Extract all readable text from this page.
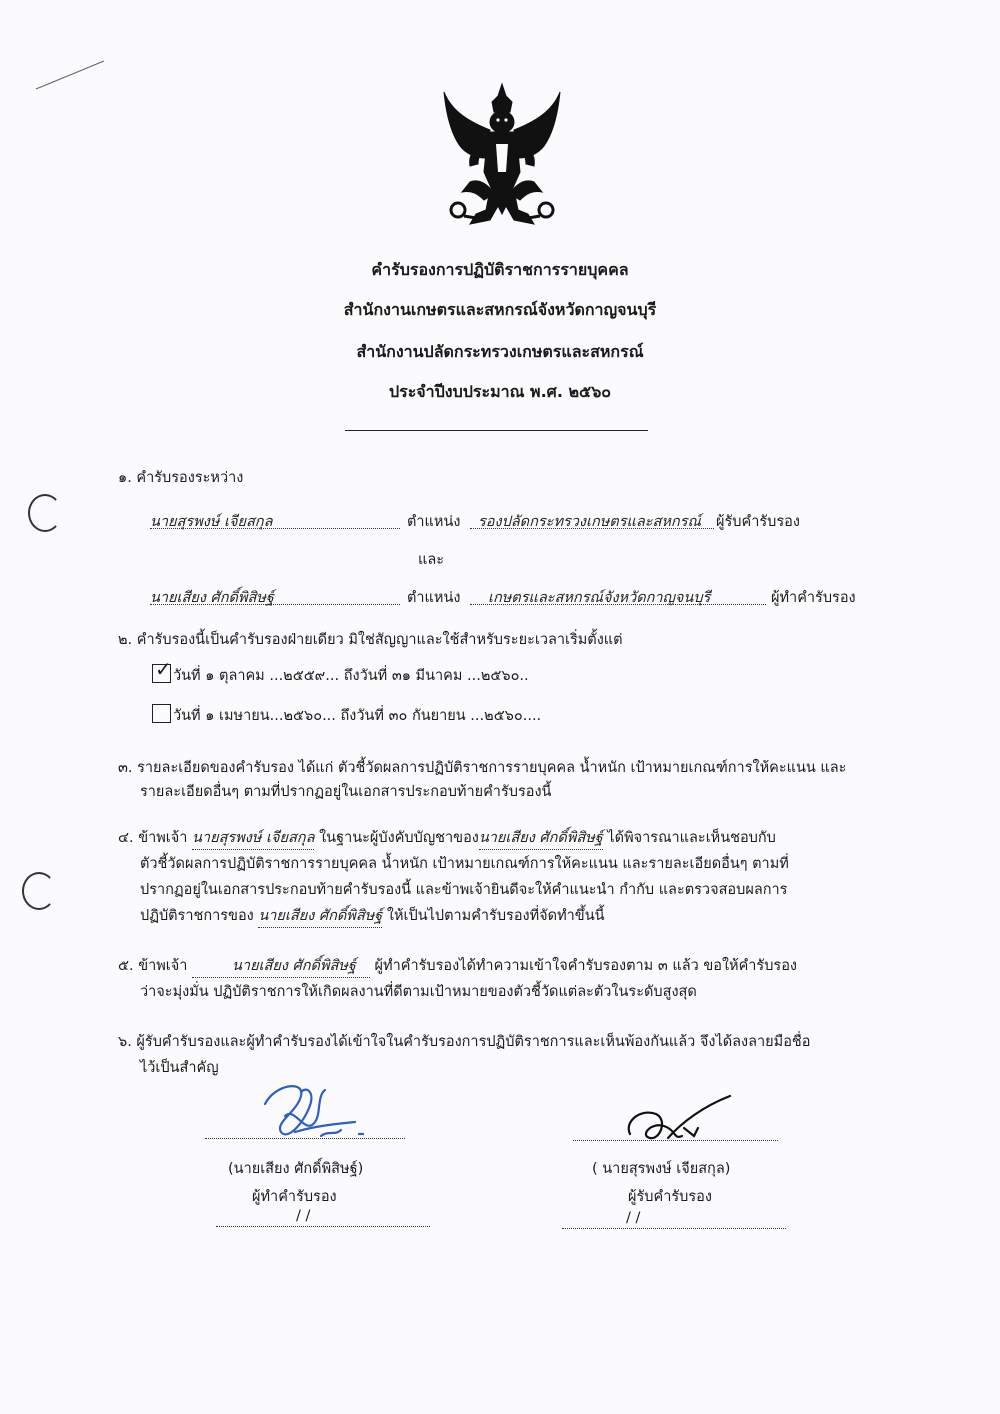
คำรับรองการปฏิบัติราชการรายบุคคล
สำนักงานเกษตรและสหกรณ์จังหวัดกาญจนบุรี
สำนักงานปลัดกระทรวงเกษตรและสหกรณ์
ประจำปีงบประมาณ พ.ศ. ๒๕๖๐
๑. คำรับรองระหว่าง
นายสุรพงษ์ เจียสกุล	ตำแหน่ง รองปลัดกระทรวงเกษตรและสหกรณ์ ผู้รับคำรับรอง
และ
นายเสียง ศักดิ์พิสิษฐ์	ตำแหน่ง เกษตรและสหกรณ์จังหวัดกาญจนบุรี	ผู้ทำคำรับรอง
๒. คำรับรองนี้เป็นคำรับรองฝ่ายเดียว มิใช่สัญญาและใช้สำหรับระยะเวลาเริ่มตั้งแต่
✓ วันที่ ๑ ตุลาคม ...๒๕๕๙... ถึงวันที่ ๓๑ มีนาคม ...๒๕๖๐..
วันที่ ๑ เมษายน...๒๕๖๐... ถึงวันที่ ๓๐ กันยายน ...๒๕๖๐....
๓. รายละเอียดของคำรับรอง ได้แก่ ตัวชี้วัดผลการปฏิบัติราชการรายบุคคล น้ำหนัก เป้าหมายเกณฑ์การให้คะแนน และ
รายละเอียดอื่นๆ ตามที่ปรากฏอยู่ในเอกสารประกอบท้ายคำรับรองนี้
๔. ข้าพเจ้า นายสุรพงษ์ เจียสกุล ในฐานะผู้บังคับบัญชาของนายเสียง ศักดิ์พิสิษฐ์ ได้พิจารณาและเห็นชอบกับ
ตัวชี้วัดผลการปฏิบัติราชการรายบุคคล น้ำหนัก เป้าหมายเกณฑ์การให้คะแนน และรายละเอียดอื่นๆ ตามที่
ปรากฏอยู่ในเอกสารประกอบท้ายคำรับรองนี้ และข้าพเจ้ายินดีจะให้คำแนะนำ กำกับ และตรวจสอบผลการ
ปฏิบัติราชการของ นายเสียง ศักดิ์พิสิษฐ์ ให้เป็นไปตามคำรับรองที่จัดทำขึ้นนี้
๕. ข้าพเจ้า	นายเสียง ศักดิ์พิสิษฐ์ ผู้ทำคำรับรองได้ทำความเข้าใจคำรับรองตาม ๓ แล้ว ขอให้คำรับรอง
ว่าจะมุ่งมั่น ปฏิบัติราชการให้เกิดผลงานที่ดีตามเป้าหมายของตัวชี้วัดแต่ละตัวในระดับสูงสุด
๖. ผู้รับคำรับรองและผู้ทำคำรับรองได้เข้าใจในคำรับรองการปฏิบัติราชการและเห็นพ้องกันแล้ว จึงได้ลงลายมือชื่อ
ไว้เป็นสำคัญ
(นายเสียง ศักดิ์พิสิษฐ์)
ผู้ทำคำรับรอง
/ /
( นายสุรพงษ์ เจียสกุล)
ผู้รับคำรับรอง
/ /
